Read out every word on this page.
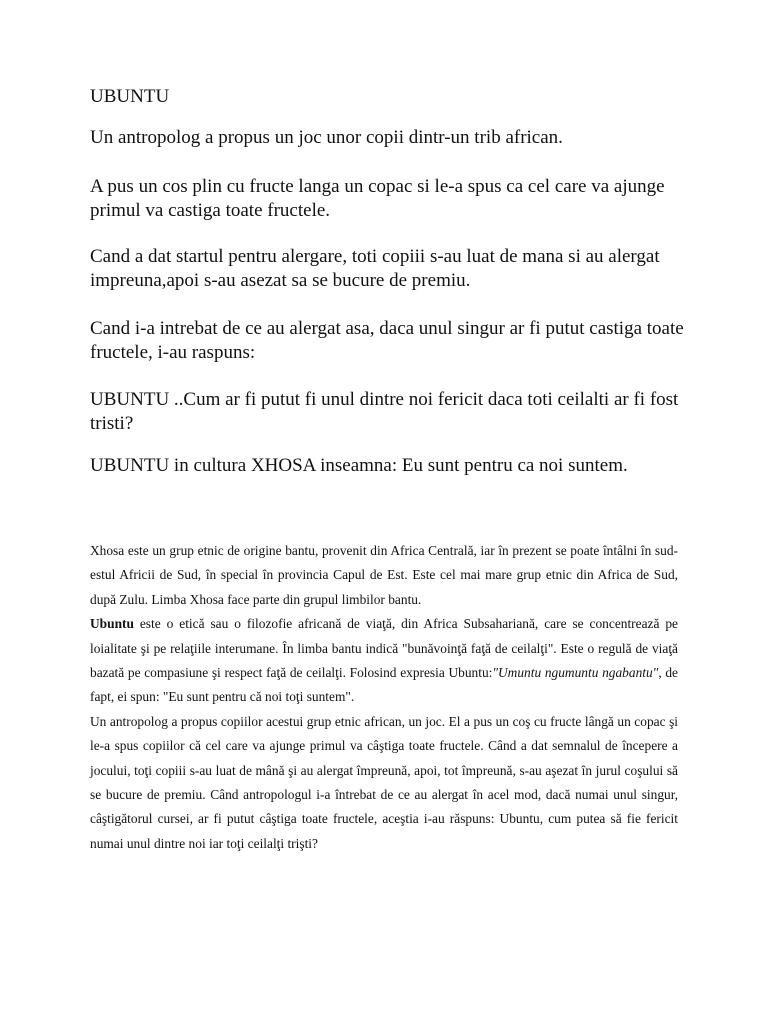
UBUNTU

Un antropolog a propus un joc unor copii dintr-un trib african.

A pus un cos plin cu fructe langa un copac si le-a spus ca cel care va ajunge primul va castiga toate fructele.

Cand a dat startul pentru alergare, toti copiii s-au luat de mana si au alergat impreuna,apoi s-au asezat sa se bucure de premiu.

Cand i-a intrebat de ce au alergat asa, daca unul singur ar fi putut castiga toate fructele, i-au raspuns:

UBUNTU ..Cum ar fi putut fi unul dintre noi fericit daca toti ceilalti ar fi fost tristi?

UBUNTU in cultura XHOSA inseamna: Eu sunt pentru ca noi suntem.

Xhosa este un grup etnic de origine bantu, provenit din Africa Centrală, iar în prezent se poate întâlni în sud-estul Africii de Sud, în special în provincia Capul de Est. Este cel mai mare grup etnic din Africa de Sud, după Zulu. Limba Xhosa face parte din grupul limbilor bantu.

Ubuntu este o etică sau o filozofie africană de viaţă, din Africa Subsahariană, care se concentrează pe loialitate şi pe relaţiile interumane. În limba bantu indică "bunăvoinţă faţă de ceilalţi". Este o regulă de viaţă bazată pe compasiune şi respect faţă de ceilalţi. Folosind expresia Ubuntu:"Umuntu ngumuntu ngabantu", de fapt, ei spun: "Eu sunt pentru că noi toţi suntem".

Un antropolog a propus copiilor acestui grup etnic african, un joc. El a pus un coş cu fructe lângă un copac şi le-a spus copiilor că cel care va ajunge primul va câştiga toate fructele. Când a dat semnalul de începere a jocului, toţi copiii s-au luat de mână şi au alergat împreună, apoi, tot împreună, s-au aşezat în jurul coşului să se bucure de premiu. Când antropologul i-a întrebat de ce au alergat în acel mod, dacă numai unul singur, câştigătorul cursei, ar fi putut câştiga toate fructele, aceştia i-au răspuns: Ubuntu, cum putea să fie fericit numai unul dintre noi iar toţi ceilalţi trişti?
